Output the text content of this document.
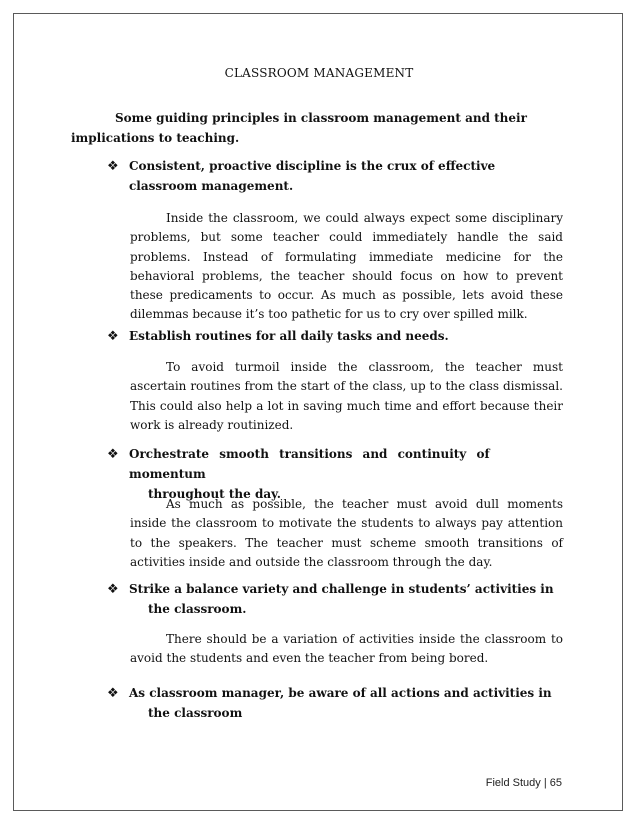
CLASSROOM MANAGEMENT
Some guiding principles in classroom management and their implications to teaching.
❖ Consistent, proactive discipline is the crux of effective classroom management.
Inside the classroom, we could always expect some disciplinary problems, but some teacher could immediately handle the said problems. Instead of formulating immediate medicine for the behavioral problems, the teacher should focus on how to prevent these predicaments to occur. As much as possible, lets avoid these dilemmas because it’s too pathetic for us to cry over spilled milk.
❖ Establish routines for all daily tasks and needs.
To avoid turmoil inside the classroom, the teacher must ascertain routines from the start of the class, up to the class dismissal. This could also help a lot in saving much time and effort because their work is already routinized.
❖ Orchestrate smooth transitions and continuity of momentum
throughout the day.
As much as possible, the teacher must avoid dull moments inside the classroom to motivate the students to always pay attention to the speakers. The teacher must scheme smooth transitions of activities inside and outside the classroom through the day.
❖ Strike a balance variety and challenge in students’ activities in
the classroom.
There should be a variation of activities inside the classroom to avoid the students and even the teacher from being bored.
❖ As classroom manager, be aware of all actions and activities in
the classroom
Field Study | 65
